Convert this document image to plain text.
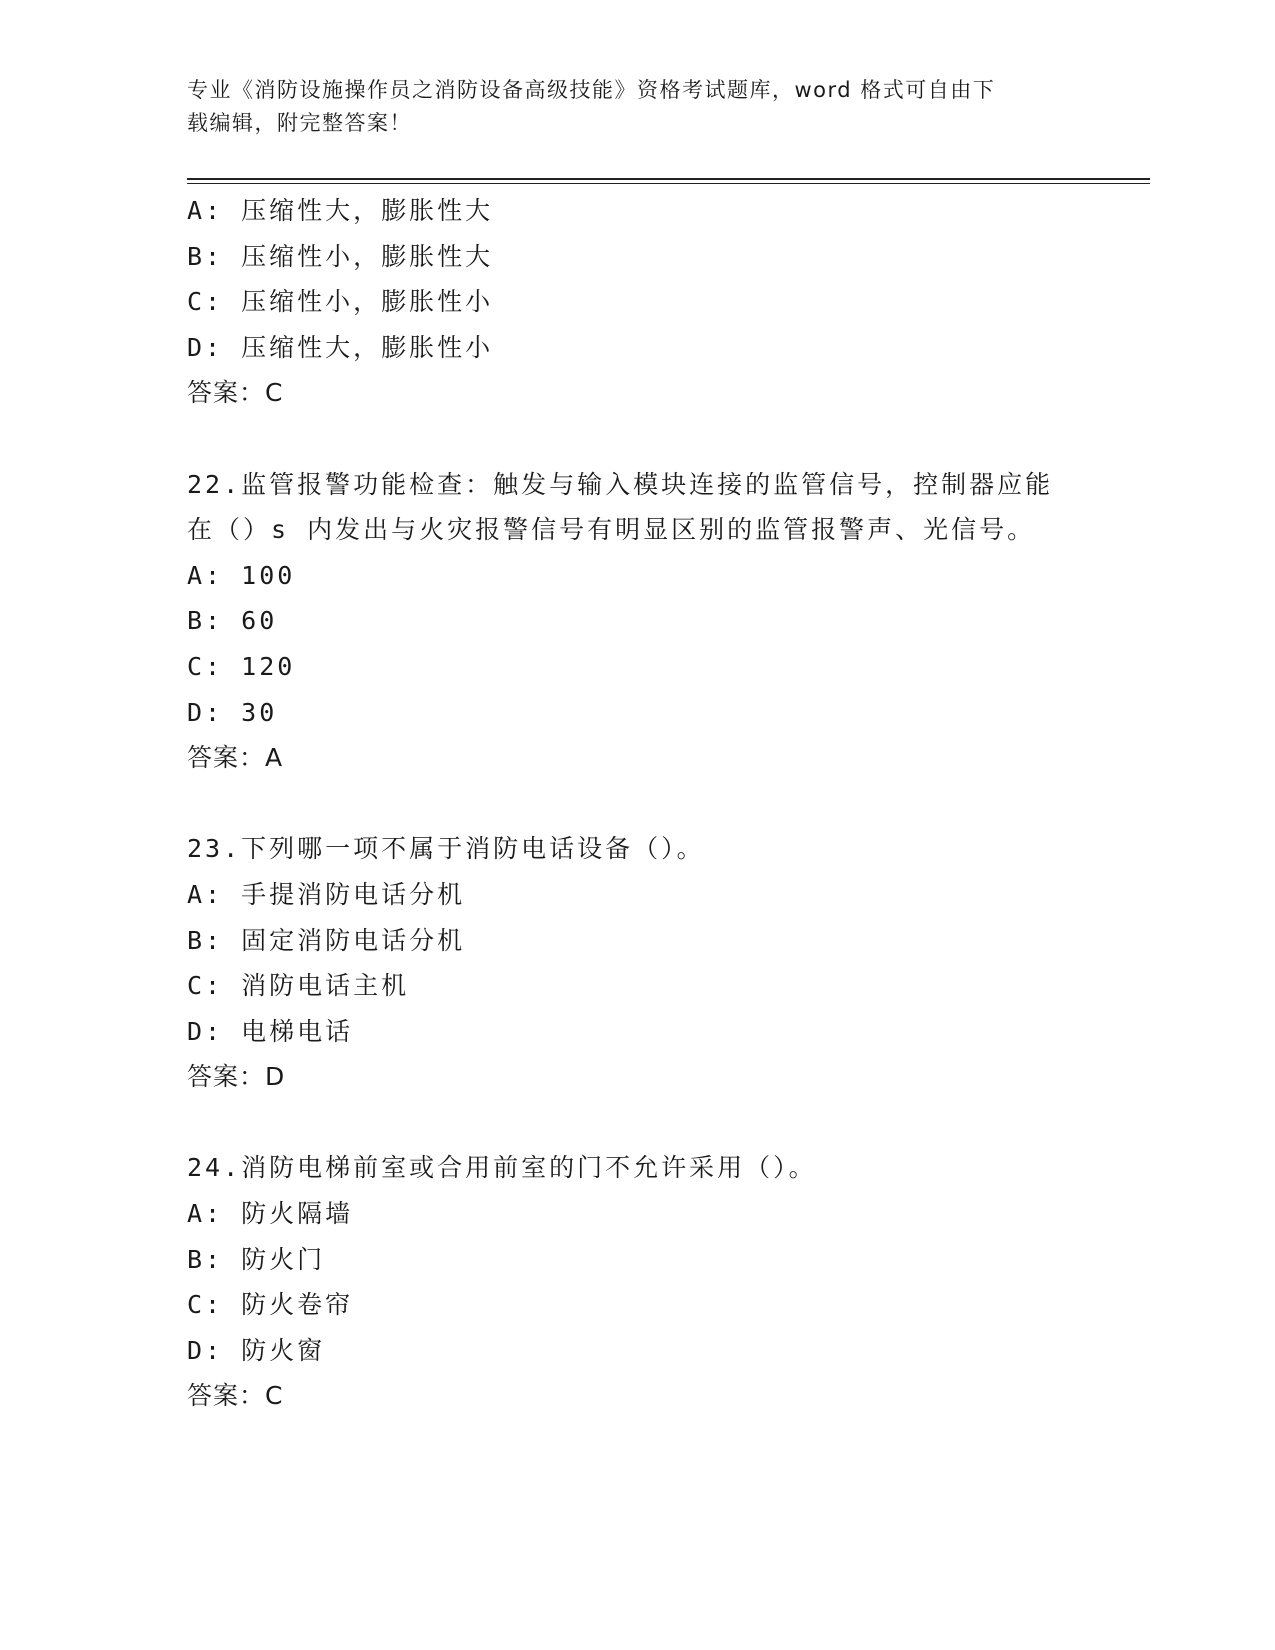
专业《消防设施操作员之消防设备高级技能》资格考试题库，word 格式可自由下
载编辑，附完整答案！
A: 压缩性大，膨胀性大
B: 压缩性小，膨胀性大
C: 压缩性小，膨胀性小
D: 压缩性大，膨胀性小
答案：C
22.监管报警功能检查：触发与输入模块连接的监管信号，控制器应能
在（）s 内发出与火灾报警信号有明显区别的监管报警声、光信号。
A: 100
B: 60
C: 120
D: 30
答案：A
23.下列哪一项不属于消防电话设备（）。
A: 手提消防电话分机
B: 固定消防电话分机
C: 消防电话主机
D: 电梯电话
答案：D
24.消防电梯前室或合用前室的门不允许采用（）。
A: 防火隔墙
B: 防火门
C: 防火卷帘
D: 防火窗
答案：C
